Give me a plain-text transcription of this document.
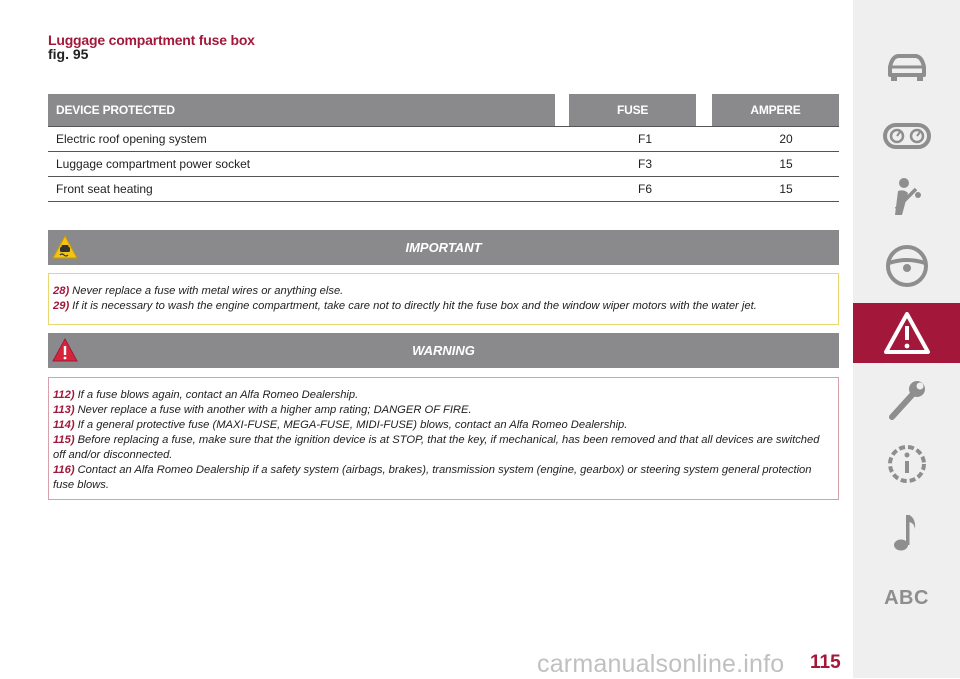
Luggage compartment fuse box
fig. 95
DEVICE PROTECTED	FUSE	AMPERE
Electric roof opening system	F1	20
Luggage compartment power socket	F3	15
Front seat heating	F6	15
IMPORTANT
28) Never replace a fuse with metal wires or anything else.
29) If it is necessary to wash the engine compartment, take care not to directly hit the fuse box and the window wiper motors with the water jet.
WARNING
112) If a fuse blows again, contact an Alfa Romeo Dealership.
113) Never replace a fuse with another with a higher amp rating; DANGER OF FIRE.
114) If a general protective fuse (MAXI-FUSE, MEGA-FUSE, MIDI-FUSE) blows, contact an Alfa Romeo Dealership.
115) Before replacing a fuse, make sure that the ignition device is at STOP, that the key, if mechanical, has been removed and that all devices are switched off and/or disconnected.
116) Contact an Alfa Romeo Dealership if a safety system (airbags, brakes), transmission system (engine, gearbox) or steering system general protection fuse blows.
ABC
carmanualsonline.info 115
